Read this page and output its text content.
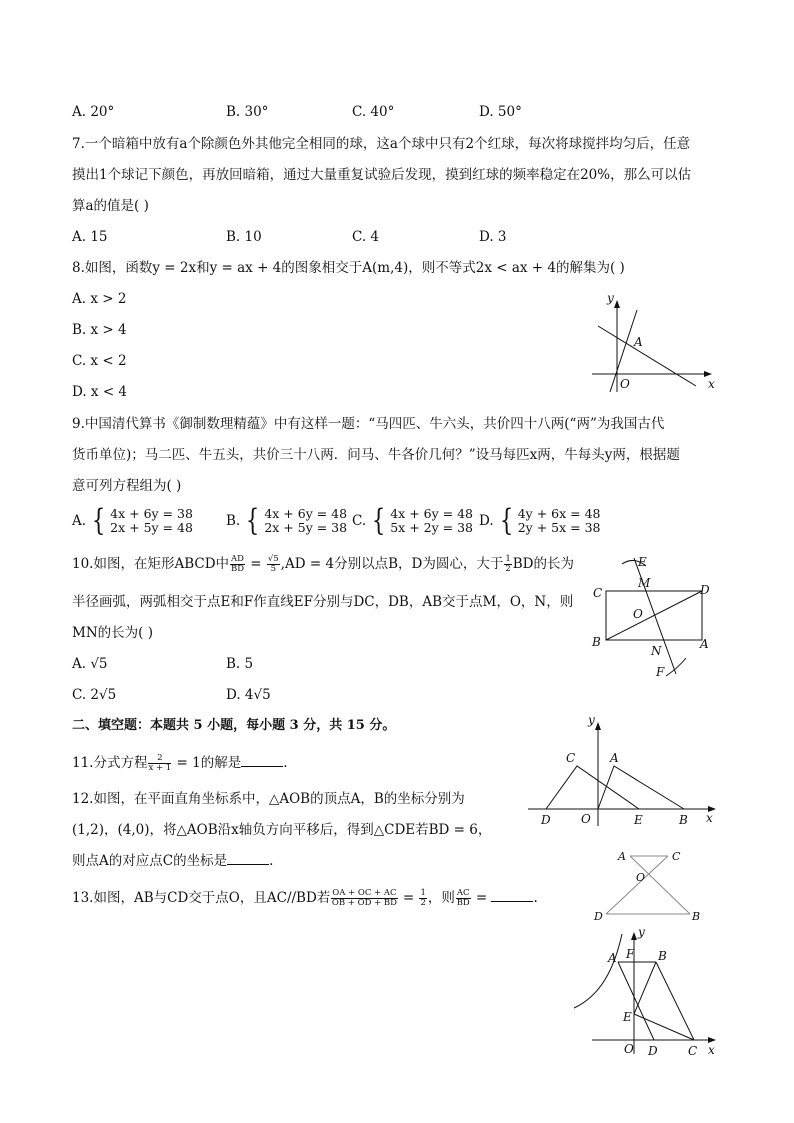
A. 20°	B. 30°	C. 40°	D. 50°
7.一个暗箱中放有a个除颜色外其他完全相同的球，这a个球中只有2个红球，每次将球搅拌均匀后，任意
摸出1个球记下颜色，再放回暗箱，通过大量重复试验后发现，摸到红球的频率稳定在20%，那么可以估
算a的值是( )
A. 15	B. 10	C. 4	D. 3
8.如图，函数y = 2x和y = ax + 4的图象相交于A(m,4)，则不等式2x < ax + 4的解集为( )
A. x > 2
B. x > 4
C. x < 2
D. x < 4
y
x
A
O
9.中国清代算书《御制数理精蕴》中有这样一题：“马四匹、牛六头，共价四十八两(“两”为我国古代
货币单位)；马二匹、牛五头，共价三十八两．问马、牛各价几何？”设马每匹x两，牛每头y两，根据题
意可列方程组为( )
A. { 4x + 6y = 38
2x + 5y = 48 B. { 4x + 6y = 48
2x + 5y = 38 C. { 4x + 6y = 48
5x + 2y = 38 D. { 4y + 6x = 48
2y + 5x = 38
10.如图，在矩形ABCD中 $\frac{AD}{BD} = \frac{√5}{5} ,AD = 4$分别以点B，D为圆心，大于 $\frac{1}{2}$ BD的长为
半径画弧，两弧相交于点E和F作直线EF分别与DC，DB，AB交于点M，O，N，则
MN的长为( )
A. √5	B. 5
C. 2√5	D. 4√5
E
M
C	D
O
B	A
N
F
二、填空题：本题共 5 小题，每小题 3 分，共 15 分。
11.分式方程 $\frac{2}{x + 1} = 1$的解是	.
12.如图，在平面直角坐标系中，△AOB的顶点A，B的坐标分别为
(1,2)，(4,0)，将△AOB沿x轴负方向平移后，得到△CDE若BD = 6，
则点A的对应点C的坐标是	.
y
x
C	A
D	O	E	B
13.如图，AB与CD交于点O，且AC//BD若 $\frac{OA + OC + AC}{OB + OD + BD} = \frac{1}{2}$ ，则 $\frac{AC}{BD}$ =	.
A	C
O
D	B
A F B
E
O D	C
y
x
